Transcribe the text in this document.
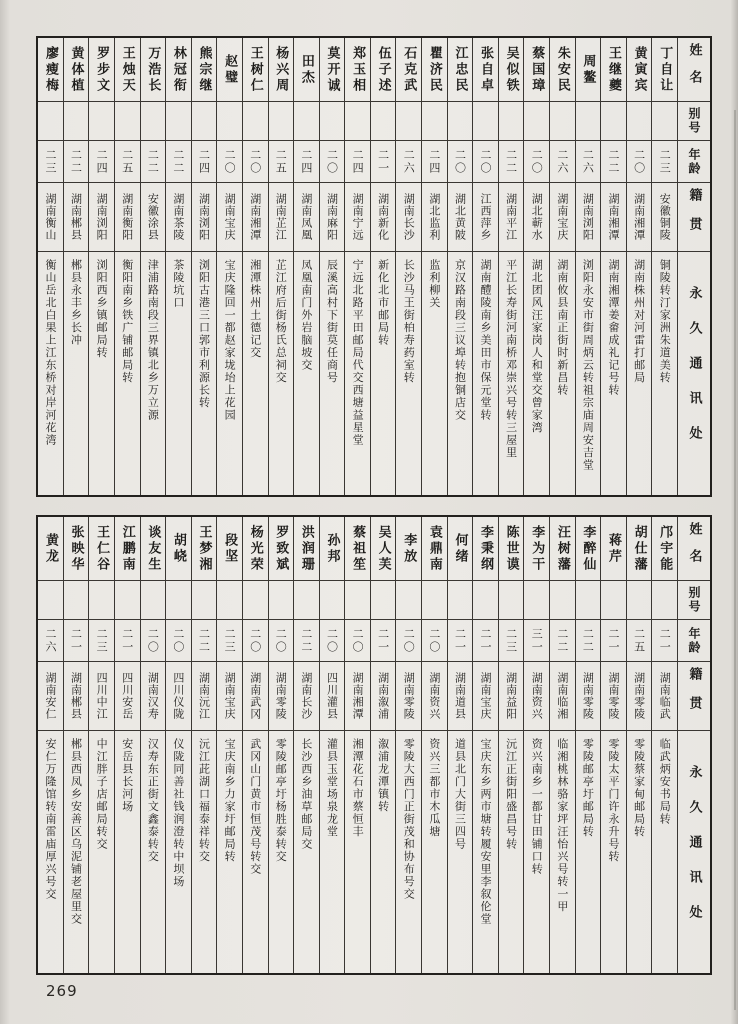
姓名
别号
年龄
籍贯
永久通讯处
丁自让
二三
安徽铜陵
铜陵转汀家洲朱道美转
黄寅宾
二〇
湖南湘潭
湖南株州对河雷打邮局
王继夔
二二
湖南湘潭
湖南湘潭姜畲成礼记号转
周鳌
二六
湖南浏阳
浏阳永安市街周炳云转祖宗庙周安吉堂
朱安民
二六
湖南宝庆
湖南攸县南正街时新昌转
蔡国璋
二〇
湖北蕲水
湖北团风汪家岗人和堂交曾家湾
吴似铁
二二
湖南平江
平江长寿街河南桥邓崇兴号转三屋里
张自卓
二〇
江西萍乡
湖南醴陵南乡美田市保元堂转
江忠民
二〇
湖北黄陂
京汉路南段三议埠转抱铜店交
瞿济民
二四
湖北监利
监利柳关
石克武
二六
湖南长沙
长沙马王街柏寿药室转
伍子述
二一
湖南新化
新化北市邮局转
郑玉相
二四
湖南宁远
宁远北路平田邮局代交西塘益星堂
莫开诚
二〇
湖南麻阳
辰溪高村下街莫任商号
田杰
二四
湖南凤凰
凤凰南门外岩脑坡交
杨兴周
二五
湖南芷江
芷江府后街杨氏总祠交
王树仁
二〇
湖南湘潭
湘潭株州土德记交
赵璧
二〇
湖南宝庆
宝庆隆回一都赵家垅坮上花园
熊宗继
二四
湖南浏阳
浏阳古港三口郭市利源长转
林冠衔
二二
湖南茶陵
茶陵坑口
万浩长
二二
安徽涂县
津浦路南段三界镇北乡万立源
王烛天
二五
湖南衡阳
衡阳南乡铁广铺邮局转
罗步文
二四
湖南浏阳
浏阳西乡镇邮局转
黄体植
二二
湖南郴县
郴县永丰乡长冲
廖瘦梅
二三
湖南衡山
衡山岳北白果上江东桥对岸河花湾
姓名
别号
年龄
籍贯
永久通讯处
邝宇能
二一
湖南临武
临武炳安书局转
胡仕藩
二五
湖南零陵
零陵蔡家甸邮局转
蒋芹
二一
湖南零陵
零陵太平门许永升号转
李醉仙
二二
湖南零陵
零陵邮亭圩邮局转
汪树藩
二二
湖南临湘
临湘桃林骆家坪汪怡兴号转一甲
李为干
三一
湖南资兴
资兴南乡一都甘田铺口转
陈世谟
二三
湖南益阳
沅江正街阳盛昌号转
李秉纲
二一
湖南宝庆
宝庆东乡两市塘转履安里李叙伦堂
何绪
二一
湖南道县
道县北门大街三四号
袁鼎南
二〇
湖南资兴
资兴三都市木瓜塘
李放
二〇
湖南零陵
零陵大西门正街茂和协布号交
吴人芙
二一
湖南溆浦
溆浦龙潭镇转
蔡祖笙
二〇
湖南湘潭
湘潭花石市蔡恒丰
孙邦
二〇
四川灌县
灌县玉堂场泉龙堂
洪润珊
二二
湖南长沙
长沙西乡油草邮局交
罗致斌
二〇
湖南零陵
零陵邮亭圩杨胜泰转交
杨光荣
二〇
湖南武冈
武冈山门黄市恒茂号转交
段坚
二三
湖南宝庆
宝庆南乡力家圩邮局转
王梦湘
二二
湖南沅江
沅江茈湖口福泰祥转交
胡峣
二〇
四川仪陇
仪陇同善社钱润澄转中坝场
谈友生
二〇
湖南汉寿
汉寿东正街文鑫泰转交
江鹏南
二一
四川安岳
安岳县长河场
王仁谷
二三
四川中江
中江胖子店邮局转交
张映华
二一
湖南郴县
郴县西凤乡安善区乌泥铺老屋里交
黄龙
二六
湖南安仁
安仁万隆馆转南雷庙厚兴号交
269
